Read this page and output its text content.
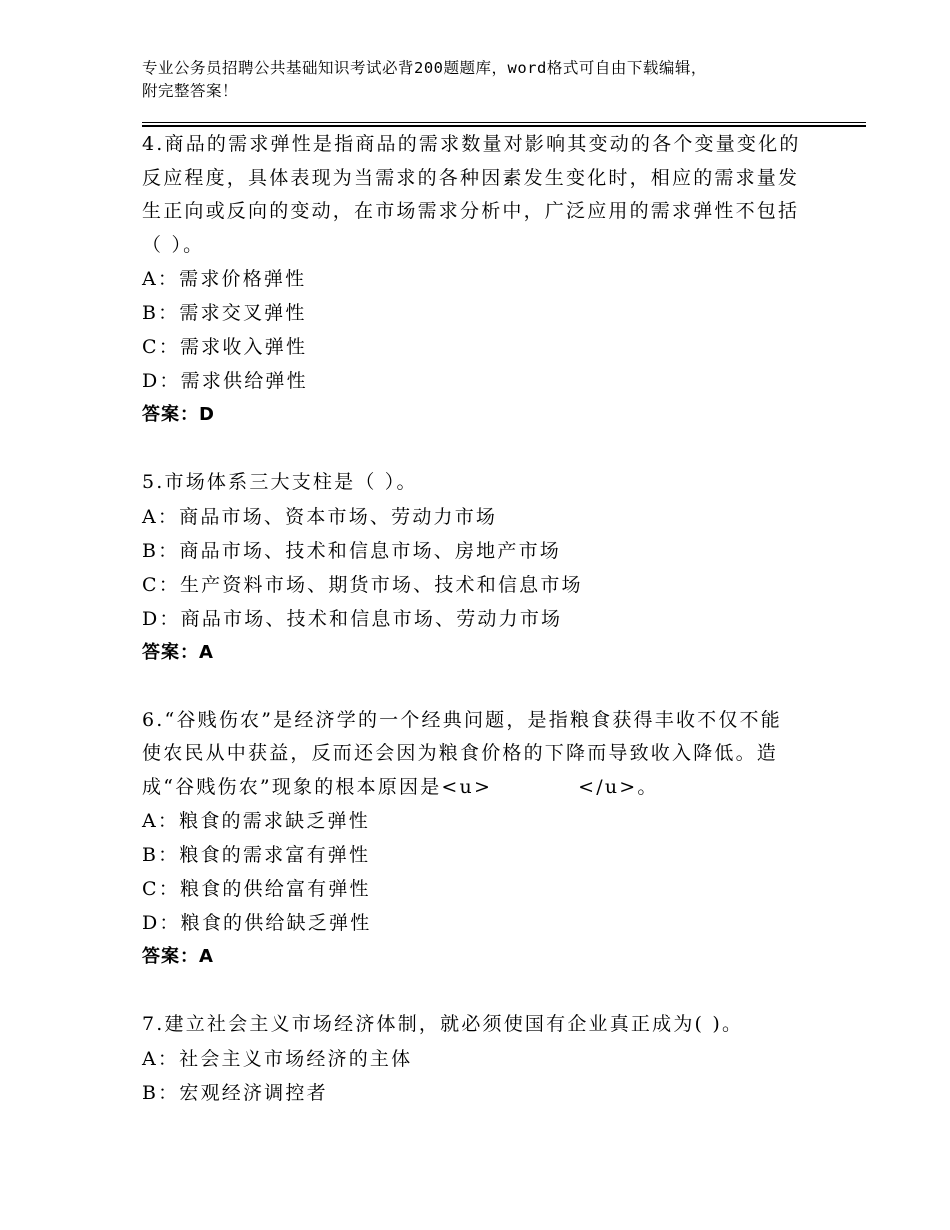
专业公务员招聘公共基础知识考试必背200题题库，word格式可自由下载编辑，
附完整答案！
4.商品的需求弹性是指商品的需求数量对影响其变动的各个变量变化的反应程度，具体表现为当需求的各种因素发生变化时，相应的需求量发生正向或反向的变动，在市场需求分析中，广泛应用的需求弹性不包括（ ）。
A：需求价格弹性
B：需求交叉弹性
C：需求收入弹性
D：需求供给弹性
答案：D
5.市场体系三大支柱是（ ）。
A：商品市场、资本市场、劳动力市场
B：商品市场、技术和信息市场、房地产市场
C：生产资料市场、期货市场、技术和信息市场
D：商品市场、技术和信息市场、劳动力市场
答案：A
6.“谷贱伤农”是经济学的一个经典问题，是指粮食获得丰收不仅不能使农民从中获益，反而还会因为粮食价格的下降而导致收入降低。造成“谷贱伤农”现象的根本原因是<u>	</u>。
A：粮食的需求缺乏弹性
B：粮食的需求富有弹性
C：粮食的供给富有弹性
D：粮食的供给缺乏弹性
答案：A
7.建立社会主义市场经济体制，就必须使国有企业真正成为( )。
A：社会主义市场经济的主体
B：宏观经济调控者
